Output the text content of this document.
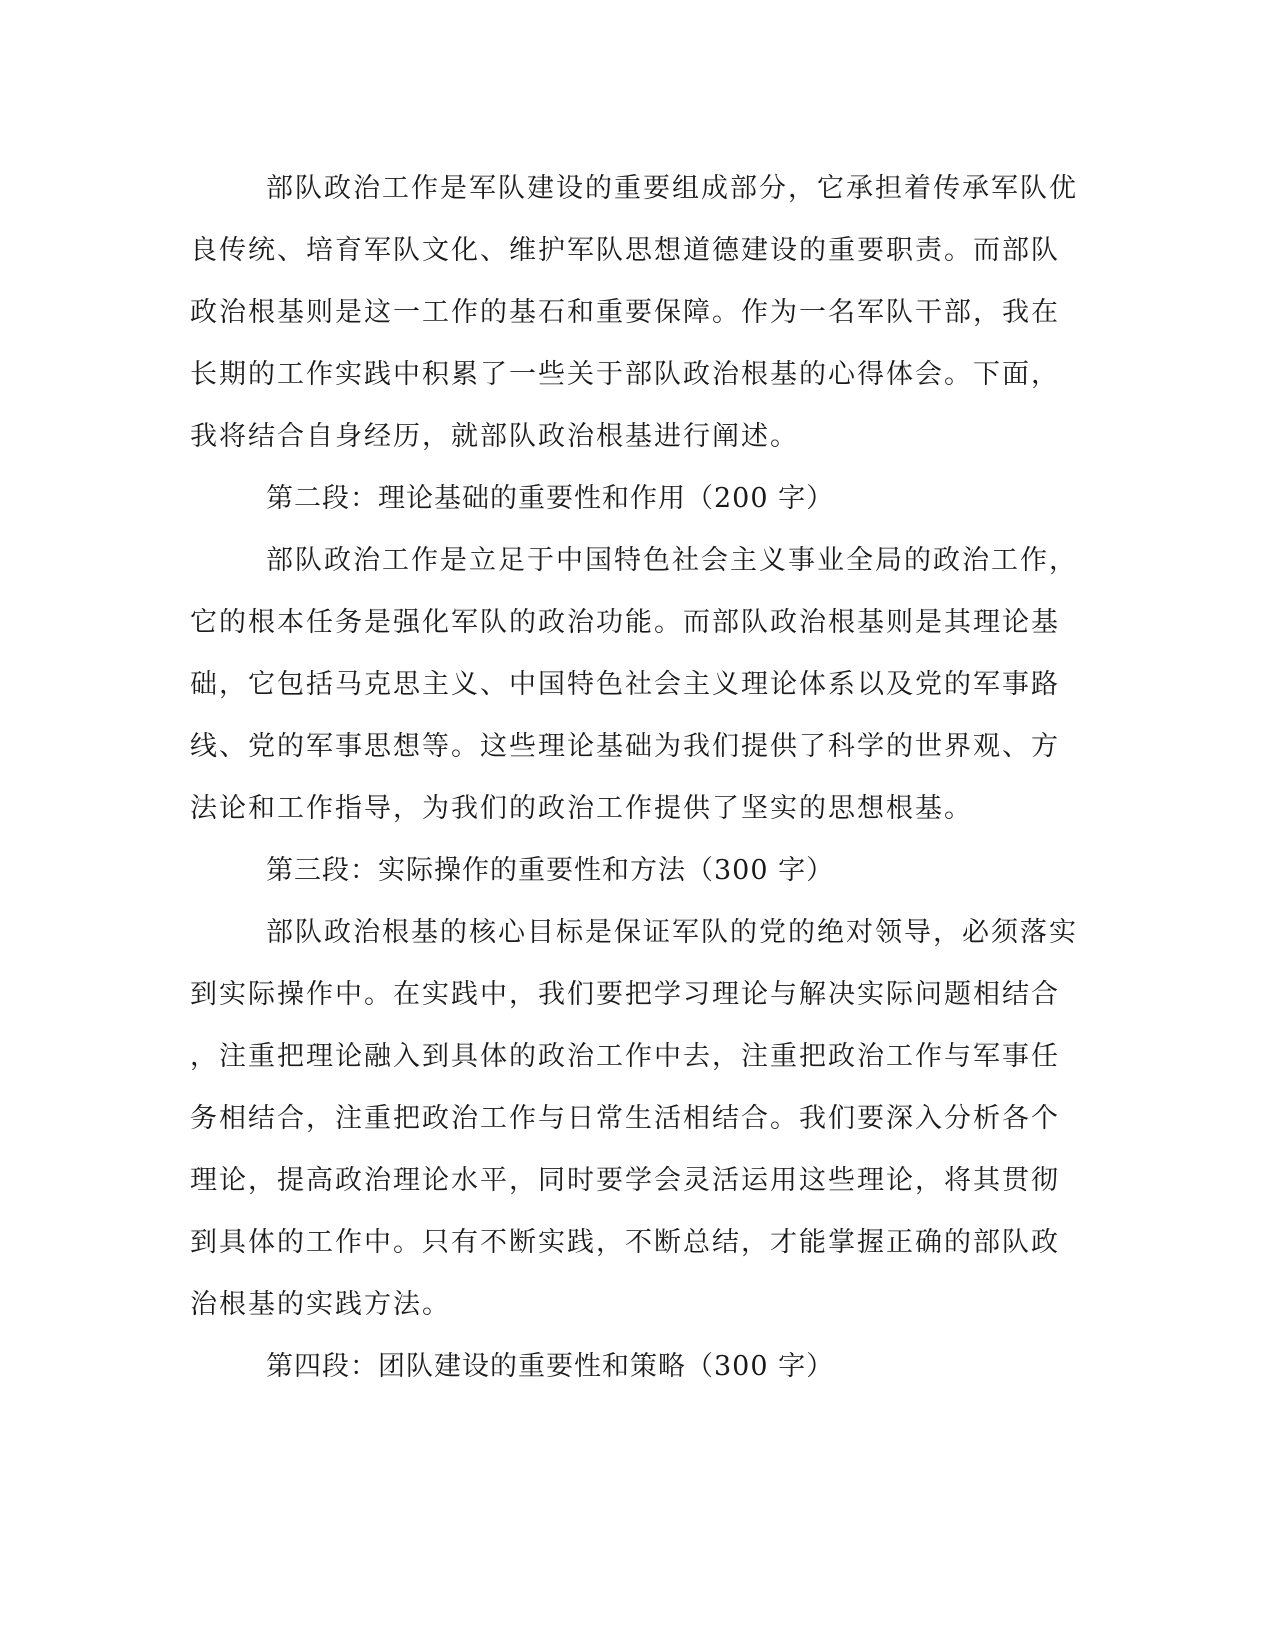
部队政治工作是军队建设的重要组成部分，它承担着传承军队优
良传统、培育军队文化、维护军队思想道德建设的重要职责。而部队
政治根基则是这一工作的基石和重要保障。作为一名军队干部，我在
长期的工作实践中积累了一些关于部队政治根基的心得体会。下面，
我将结合自身经历，就部队政治根基进行阐述。
第二段：理论基础的重要性和作用（200 字）
部队政治工作是立足于中国特色社会主义事业全局的政治工作，
它的根本任务是强化军队的政治功能。而部队政治根基则是其理论基
础，它包括马克思主义、中国特色社会主义理论体系以及党的军事路
线、党的军事思想等。这些理论基础为我们提供了科学的世界观、方
法论和工作指导，为我们的政治工作提供了坚实的思想根基。
第三段：实际操作的重要性和方法（300 字）
部队政治根基的核心目标是保证军队的党的绝对领导，必须落实
到实际操作中。在实践中，我们要把学习理论与解决实际问题相结合
，注重把理论融入到具体的政治工作中去，注重把政治工作与军事任
务相结合，注重把政治工作与日常生活相结合。我们要深入分析各个
理论，提高政治理论水平，同时要学会灵活运用这些理论，将其贯彻
到具体的工作中。只有不断实践，不断总结，才能掌握正确的部队政
治根基的实践方法。
第四段：团队建设的重要性和策略（300 字）
